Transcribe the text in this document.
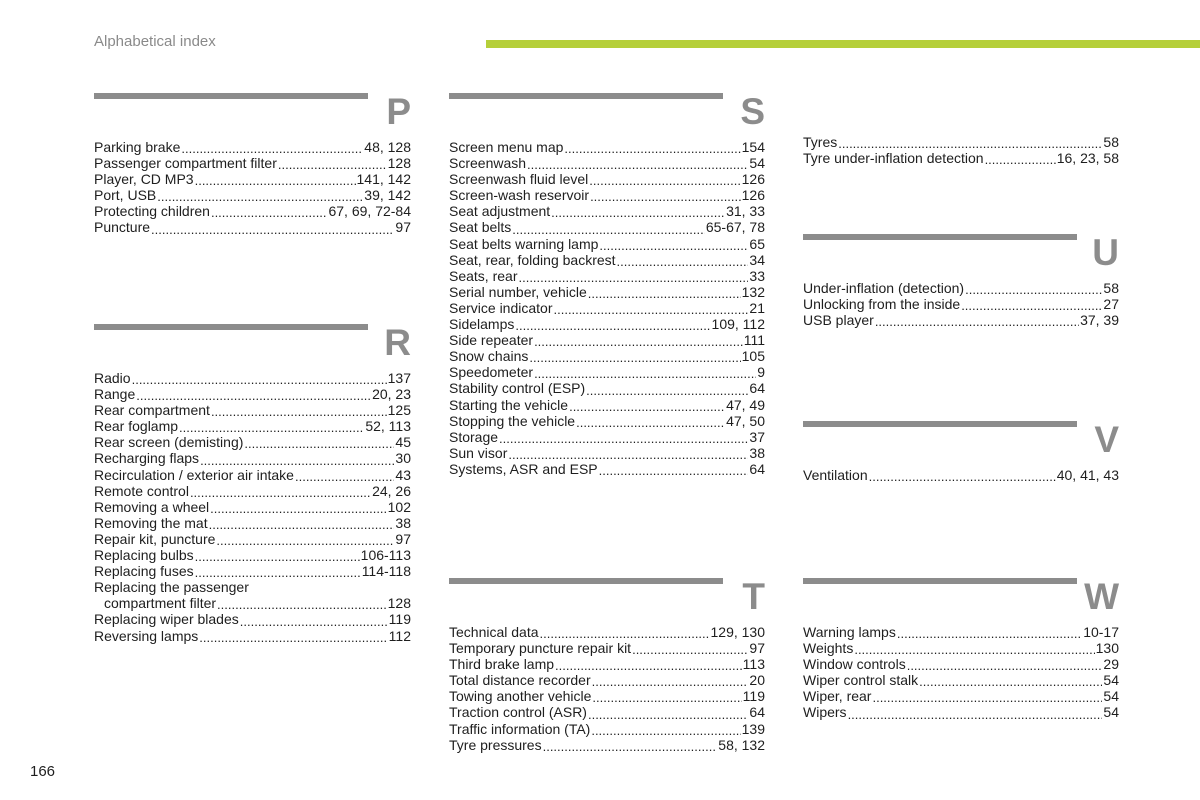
Alphabetical index
P
Parking brake .....	48, 128
Passenger compartment filter .....	128
Player, CD MP3 .....	141, 142
Port, USB .....	39, 142
Protecting children .....	67, 69, 72-84
Puncture .....	97
R
Radio .....	137
Range .....	20, 23
Rear compartment .....	125
Rear foglamp .....	52, 113
Rear screen (demisting) .....	45
Recharging flaps .....	30
Recirculation / exterior air intake .....	43
Remote control .....	24, 26
Removing a wheel .....	102
Removing the mat .....	38
Repair kit, puncture .....	97
Replacing bulbs .....	106-113
Replacing fuses .....	114-118
Replacing the passenger
compartment filter .....	128
Replacing wiper blades .....	119
Reversing lamps .....	112
S
Screen menu map .....	154
Screenwash .....	54
Screenwash fluid level .....	126
Screen-wash reservoir .....	126
Seat adjustment .....	31, 33
Seat belts .....	65-67, 78
Seat belts warning lamp .....	65
Seat, rear, folding backrest .....	34
Seats, rear .....	33
Serial number, vehicle .....	132
Service indicator .....	21
Sidelamps .....	109, 112
Side repeater .....	111
Snow chains .....	105
Speedometer .....	9
Stability control (ESP) .....	64
Starting the vehicle .....	47, 49
Stopping the vehicle .....	47, 50
Storage .....	37
Sun visor .....	38
Systems, ASR and ESP .....	64
T
Technical data .....	129, 130
Temporary puncture repair kit .....	97
Third brake lamp .....	113
Total distance recorder .....	20
Towing another vehicle .....	119
Traction control (ASR) .....	64
Traffic information (TA) .....	139
Tyre pressures .....	58, 132
Tyres .....	58
Tyre under-inflation detection .....	16, 23, 58
U
Under-inflation (detection) .....	58
Unlocking from the inside .....	27
USB player .....	37, 39
V
Ventilation .....	40, 41, 43
W
Warning lamps .....	10-17
Weights .....	130
Window controls .....	29
Wiper control stalk .....	54
Wiper, rear .....	54
Wipers .....	54
166
